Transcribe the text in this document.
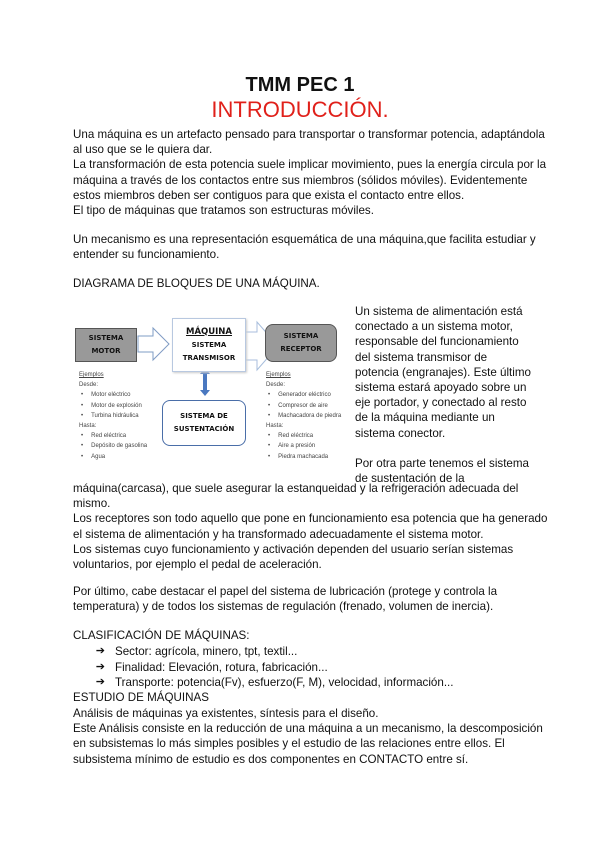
TMM PEC 1
INTRODUCCIÓN.
Una máquina es un artefacto pensado para transportar o transformar potencia, adaptándola
al uso que se le quiera dar.
La transformación de esta potencia suele implicar movimiento, pues la energía circula por la
máquina a través de los contactos entre sus miembros (sólidos móviles). Evidentemente
estos miembros deben ser contiguos para que exista el contacto entre ellos.
El tipo de máquinas que tratamos son estructuras móviles.
Un mecanismo es una representación esquemática de una máquina,que facilita estudiar y
entender su funcionamiento.
DIAGRAMA DE BLOQUES DE UNA MÁQUINA.
SISTEMA
MOTOR
MÁQUINA
SISTEMA
TRANSMISOR
SISTEMA
RECEPTOR
SISTEMA DE
SUSTENTACIÓN
Ejemplos
Desde:
• Motor eléctrico
• Motor de explosión
• Turbina hidráulica
Hasta:
• Red eléctrica
• Depósito de gasolina
• Agua
Ejemplos
Desde:
• Generador eléctrico
• Compresor de aire
• Machacadora de piedra
Hasta:
• Red eléctrica
• Aire a presión
• Piedra machacada
Un sistema de alimentación está
conectado a un sistema motor,
responsable del funcionamiento
del sistema transmisor de
potencia (engranajes). Este último
sistema estará apoyado sobre un
eje portador, y conectado al resto
de la máquina mediante un
sistema conector.

Por otra parte tenemos el sistema
de sustentación de la
máquina(carcasa), que suele asegurar la estanqueidad y la refrigeración adecuada del
mismo.
Los receptores son todo aquello que pone en funcionamiento esa potencia que ha generado
el sistema de alimentación y ha transformado adecuadamente el sistema motor.
Los sistemas cuyo funcionamiento y activación dependen del usuario serían sistemas
voluntarios, por ejemplo el pedal de aceleración.
Por último, cabe destacar el papel del sistema de lubricación (protege y controla la
temperatura) y de todos los sistemas de regulación (frenado, volumen de inercia).
CLASIFICACIÓN DE MÁQUINAS:
➔ Sector: agrícola, minero, tpt, textil...
➔ Finalidad: Elevación, rotura, fabricación...
➔ Transporte: potencia(Fv), esfuerzo(F, M), velocidad, información...
ESTUDIO DE MÁQUINAS
Análisis de máquinas ya existentes, síntesis para el diseño.
Este Análisis consiste en la reducción de una máquina a un mecanismo, la descomposición
en subsistemas lo más simples posibles y el estudio de las relaciones entre ellos. El
subsistema mínimo de estudio es dos componentes en CONTACTO entre sí.
